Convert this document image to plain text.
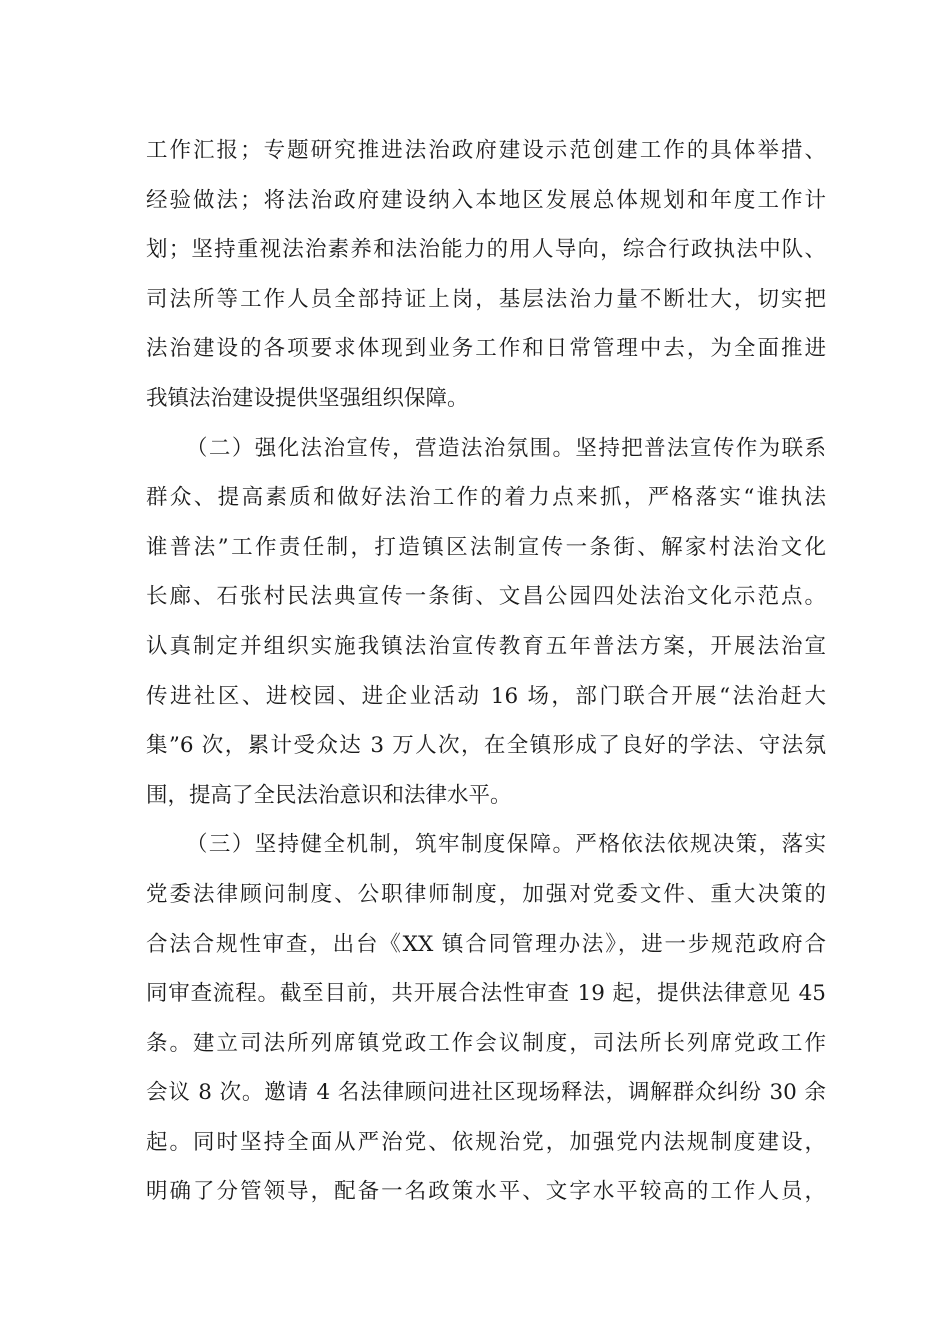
工作汇报；专题研究推进法治政府建设示范创建工作的具体举措、
经验做法；将法治政府建设纳入本地区发展总体规划和年度工作计
划；坚持重视法治素养和法治能力的用人导向，综合行政执法中队、
司法所等工作人员全部持证上岗，基层法治力量不断壮大，切实把
法治建设的各项要求体现到业务工作和日常管理中去，为全面推进
我镇法治建设提供坚强组织保障。
（二）强化法治宣传，营造法治氛围。坚持把普法宣传作为联系
群众、提高素质和做好法治工作的着力点来抓，严格落实“谁执法
谁普法”工作责任制，打造镇区法制宣传一条街、解家村法治文化
长廊、石张村民法典宣传一条街、文昌公园四处法治文化示范点。
认真制定并组织实施我镇法治宣传教育五年普法方案，开展法治宣
传进社区、进校园、进企业活动 16 场，部门联合开展“法治赶大
集”6 次，累计受众达 3 万人次，在全镇形成了良好的学法、守法氛
围，提高了全民法治意识和法律水平。
（三）坚持健全机制，筑牢制度保障。严格依法依规决策，落实
党委法律顾问制度、公职律师制度，加强对党委文件、重大决策的
合法合规性审查，出台《XX 镇合同管理办法》，进一步规范政府合
同审查流程。截至目前，共开展合法性审查 19 起，提供法律意见 45
条。建立司法所列席镇党政工作会议制度，司法所长列席党政工作
会议 8 次。邀请 4 名法律顾问进社区现场释法，调解群众纠纷 30 余
起。同时坚持全面从严治党、依规治党，加强党内法规制度建设，
明确了分管领导，配备一名政策水平、文字水平较高的工作人员，
